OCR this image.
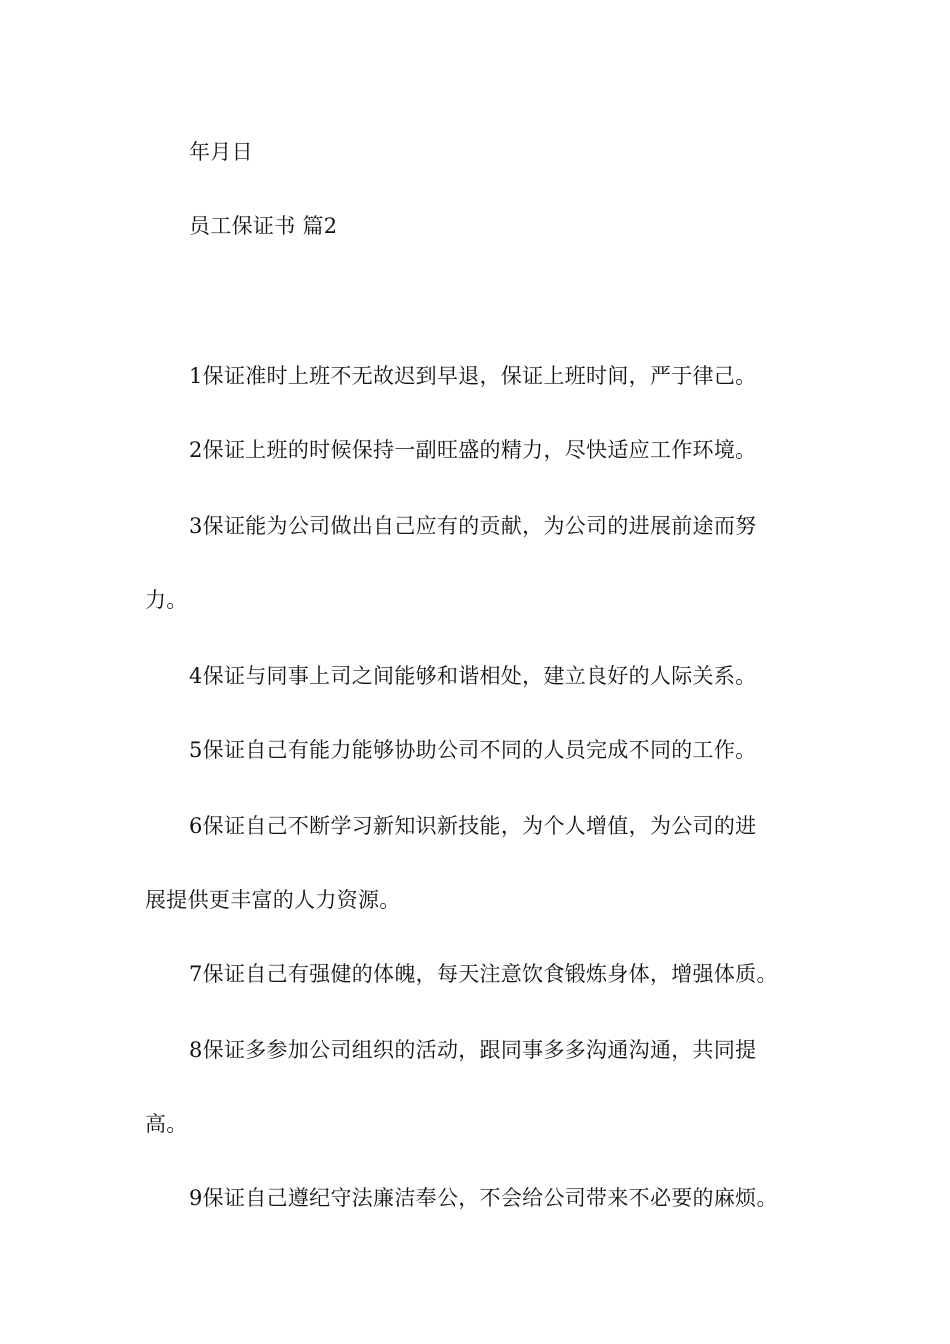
年月日
员工保证书 篇2
1保证准时上班不无故迟到早退，保证上班时间，严于律己。
2保证上班的时候保持一副旺盛的精力，尽快适应工作环境。
3保证能为公司做出自己应有的贡献，为公司的进展前途而努
力。
4保证与同事上司之间能够和谐相处，建立良好的人际关系。
5保证自己有能力能够协助公司不同的人员完成不同的工作。
6保证自己不断学习新知识新技能，为个人增值，为公司的进
展提供更丰富的人力资源。
7保证自己有强健的体魄，每天注意饮食锻炼身体，增强体质。
8保证多参加公司组织的活动，跟同事多多沟通沟通，共同提
高。
9保证自己遵纪守法廉洁奉公，不会给公司带来不必要的麻烦。
